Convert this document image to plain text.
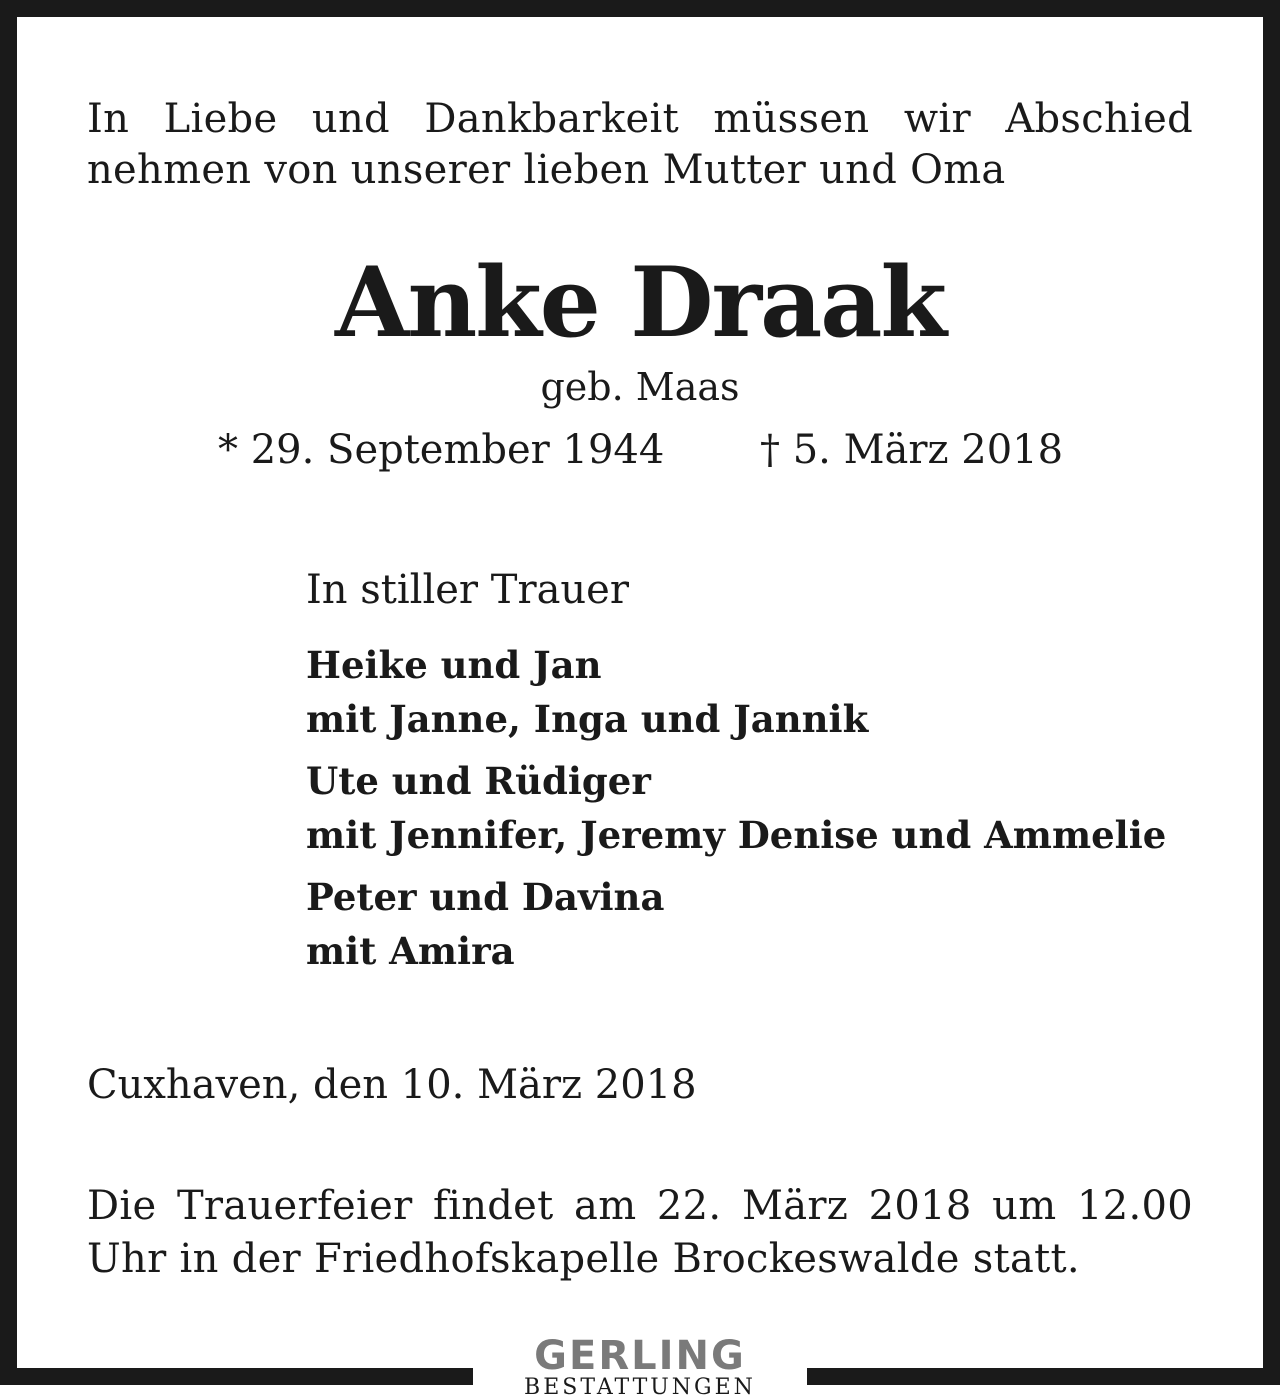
In Liebe und Dankbarkeit müssen wir Abschied
nehmen von unserer lieben Mutter und Oma
Anke Draak
geb. Maas
* 29. September 1944 † 5. März 2018
In stiller Trauer
Heike und Jan
mit Janne, Inga und Jannik
Ute und Rüdiger
mit Jennifer, Jeremy Denise und Ammelie
Peter und Davina
mit Amira
Cuxhaven, den 10. März 2018
Die Trauerfeier findet am 22. März 2018 um 12.00
Uhr in der Friedhofskapelle Brockeswalde statt.
GERLING
BESTATTUNGEN
